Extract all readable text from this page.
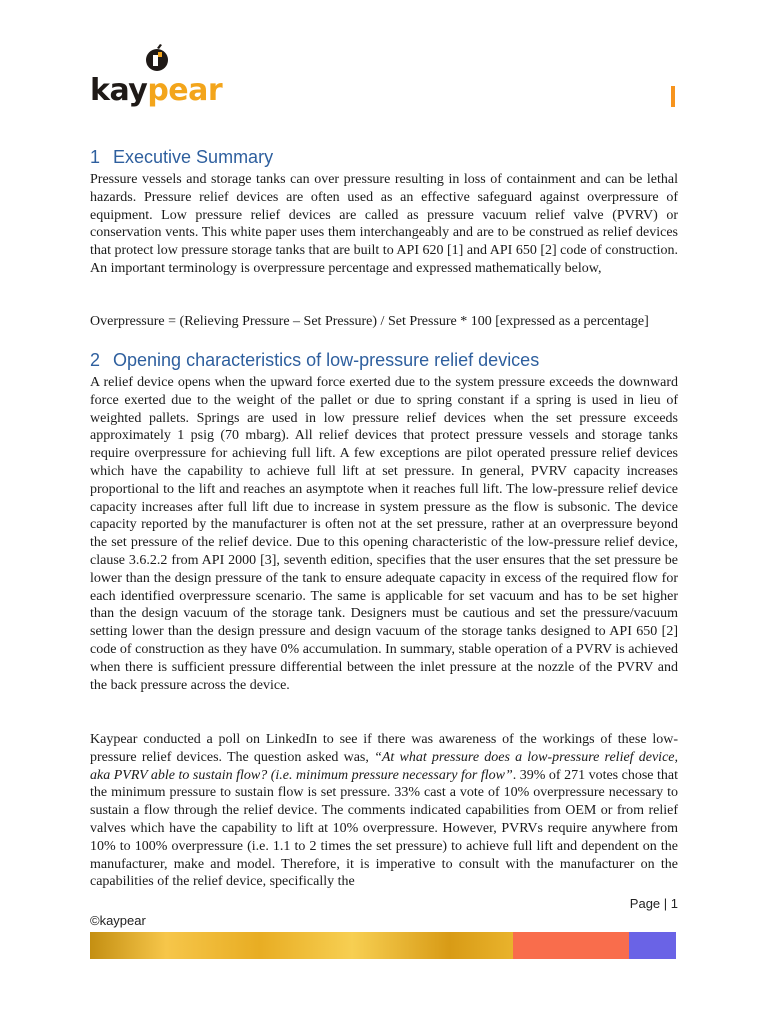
kaypear
1 Executive Summary

Pressure vessels and storage tanks can over pressure resulting in loss of containment and can be lethal hazards. Pressure relief devices are often used as an effective safeguard against overpressure of equipment. Low pressure relief devices are called as pressure vacuum relief valve (PVRV) or conservation vents. This white paper uses them interchangeably and are to be construed as relief devices that protect low pressure storage tanks that are built to API 620 [1] and API 650 [2] code of construction. An important terminology is overpressure percentage and expressed mathematically below,

Overpressure = (Relieving Pressure – Set Pressure) / Set Pressure * 100 [expressed as a percentage]

2 Opening characteristics of low-pressure relief devices

A relief device opens when the upward force exerted due to the system pressure exceeds the downward force exerted due to the weight of the pallet or due to spring constant if a spring is used in lieu of weighted pallets. Springs are used in low pressure relief devices when the set pressure exceeds approximately 1 psig (70 mbarg). All relief devices that protect pressure vessels and storage tanks require overpressure for achieving full lift. A few exceptions are pilot operated pressure relief devices which have the capability to achieve full lift at set pressure. In general, PVRV capacity increases proportional to the lift and reaches an asymptote when it reaches full lift. The low-pressure relief device capacity increases after full lift due to increase in system pressure as the flow is subsonic. The device capacity reported by the manufacturer is often not at the set pressure, rather at an overpressure beyond the set pressure of the relief device. Due to this opening characteristic of the low-pressure relief device, clause 3.6.2.2 from API 2000 [3], seventh edition, specifies that the user ensures that the set pressure be lower than the design pressure of the tank to ensure adequate capacity in excess of the required flow for each identified overpressure scenario. The same is applicable for set vacuum and has to be set higher than the design vacuum of the storage tank. Designers must be cautious and set the pressure/vacuum setting lower than the design pressure and design vacuum of the storage tanks designed to API 650 [2] code of construction as they have 0% accumulation. In summary, stable operation of a PVRV is achieved when there is sufficient pressure differential between the inlet pressure at the nozzle of the PVRV and the back pressure across the device.

Kaypear conducted a poll on LinkedIn to see if there was awareness of the workings of these low-pressure relief devices. The question asked was, “At what pressure does a low-pressure relief device, aka PVRV able to sustain flow? (i.e. minimum pressure necessary for flow”. 39% of 271 votes chose that the minimum pressure to sustain flow is set pressure. 33% cast a vote of 10% overpressure necessary to sustain a flow through the relief device. The comments indicated capabilities from OEM or from relief valves which have the capability to lift at 10% overpressure. However, PVRVs require anywhere from 10% to 100% overpressure (i.e. 1.1 to 2 times the set pressure) to achieve full lift and dependent on the manufacturer, make and model. Therefore, it is imperative to consult with the manufacturer on the capabilities of the relief device, specifically the

Page | 1
©kaypear
